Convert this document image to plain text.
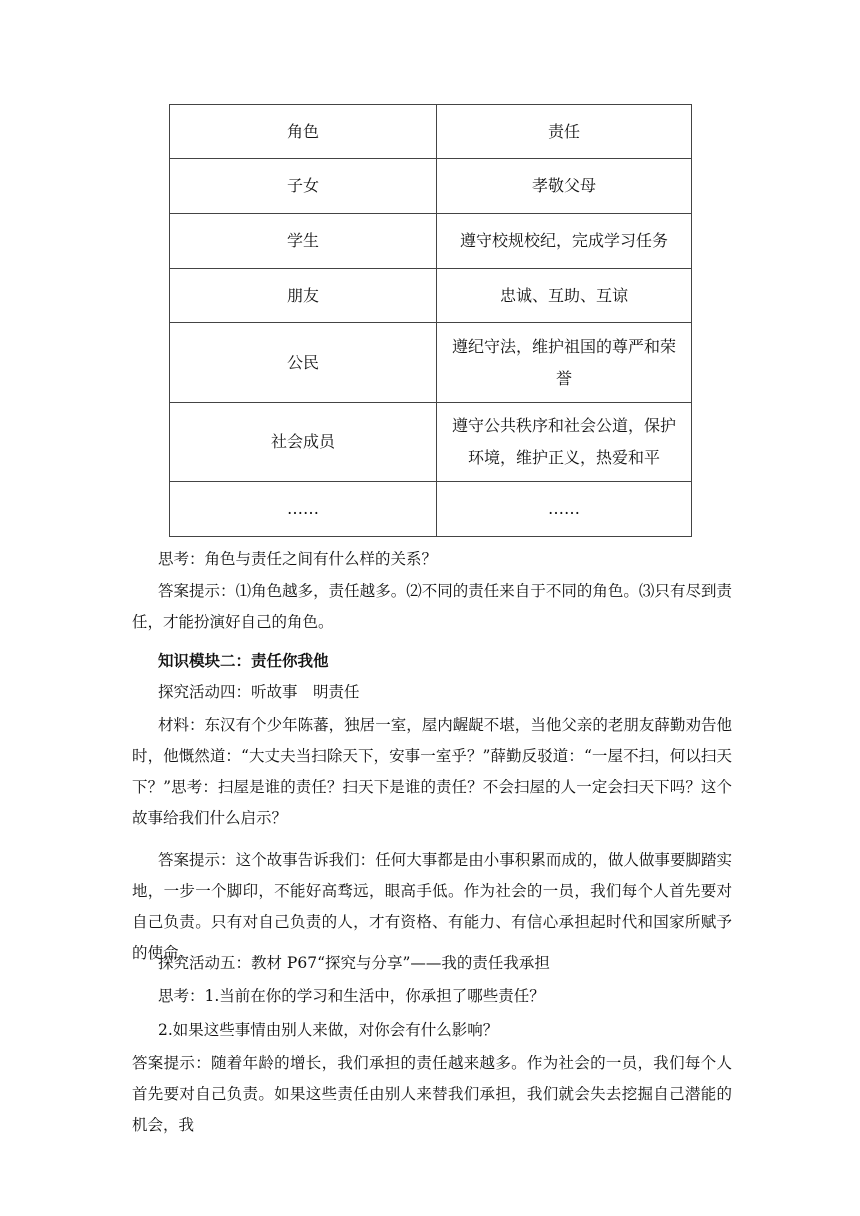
角色	责任
子女	孝敬父母
学生	遵守校规校纪，完成学习任务
朋友	忠诚、互助、互谅
公民	遵纪守法，维护祖国的尊严和荣誉
社会成员	遵守公共秩序和社会公道，保护环境，维护正义，热爱和平
……	……

思考：角色与责任之间有什么样的关系？

答案提示：⑴角色越多，责任越多。⑵不同的责任来自于不同的角色。⑶只有尽到责任，才能扮演好自己的角色。

知识模块二：责任你我他

探究活动四：听故事　明责任

材料：东汉有个少年陈蕃，独居一室，屋内龌龊不堪，当他父亲的老朋友薛勤劝告他时，他慨然道：“大丈夫当扫除天下，安事一室乎？”薛勤反驳道：“一屋不扫，何以扫天下？”思考：扫屋是谁的责任？扫天下是谁的责任？不会扫屋的人一定会扫天下吗？这个故事给我们什么启示？

答案提示：这个故事告诉我们：任何大事都是由小事积累而成的，做人做事要脚踏实地，一步一个脚印，不能好高骛远，眼高手低。作为社会的一员，我们每个人首先要对自己负责。只有对自己负责的人，才有资格、有能力、有信心承担起时代和国家所赋予的使命。

探究活动五：教材 P67“探究与分享”——我的责任我承担

思考：1.当前在你的学习和生活中，你承担了哪些责任？

2.如果这些事情由别人来做，对你会有什么影响？

答案提示：随着年龄的增长，我们承担的责任越来越多。作为社会的一员，我们每个人首先要对自己负责。如果这些责任由别人来替我们承担，我们就会失去挖掘自己潜能的机会，我
